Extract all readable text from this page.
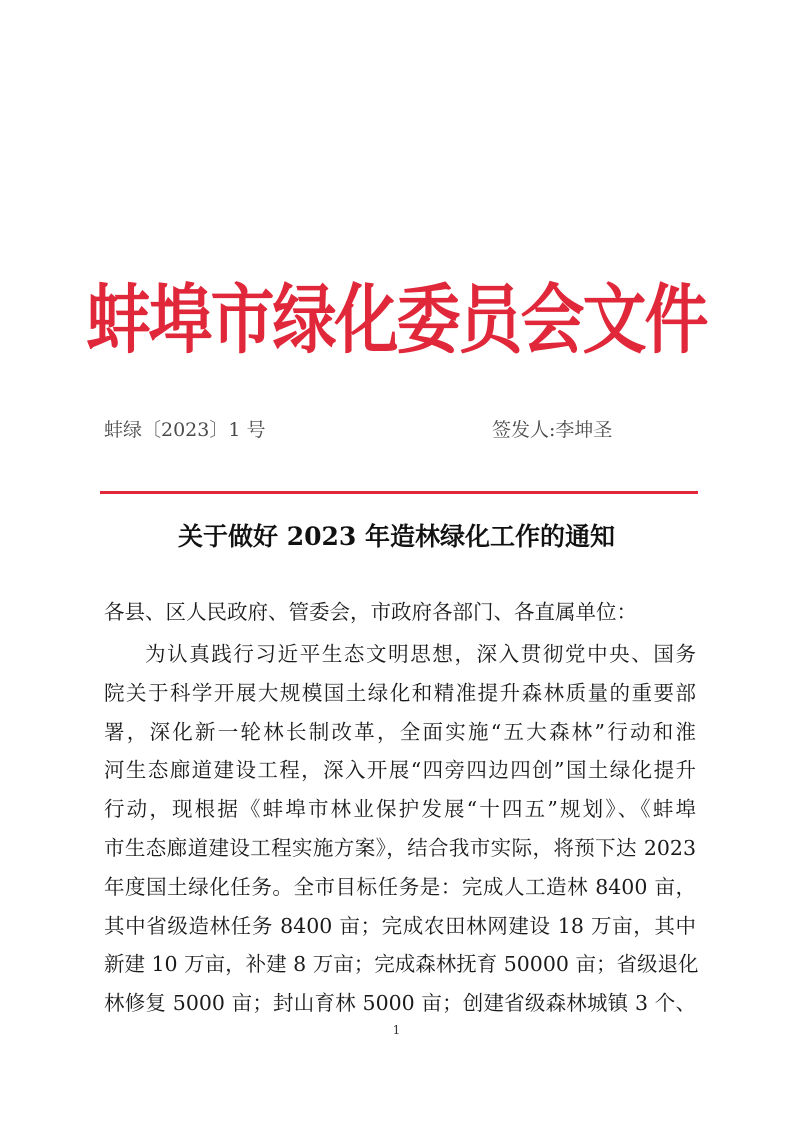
蚌埠市绿化委员会文件
蚌绿〔2023〕1 号	签发人:李坤圣
关于做好 2023 年造林绿化工作的通知
各县、区人民政府、管委会，市政府各部门、各直属单位：
为认真践行习近平生态文明思想，深入贯彻党中央、国务
院关于科学开展大规模国土绿化和精准提升森林质量的重要部
署，深化新一轮林长制改革，全面实施“五大森林”行动和淮
河生态廊道建设工程，深入开展“四旁四边四创”国土绿化提升
行动，现根据《蚌埠市林业保护发展“十四五”规划》、《蚌埠
市生态廊道建设工程实施方案》，结合我市实际，将预下达 2023
年度国土绿化任务。全市目标任务是：完成人工造林 8400 亩，
其中省级造林任务 8400 亩；完成农田林网建设 18 万亩，其中
新建 10 万亩，补建 8 万亩；完成森林抚育 50000 亩；省级退化
林修复 5000 亩；封山育林 5000 亩；创建省级森林城镇 3 个、
1
